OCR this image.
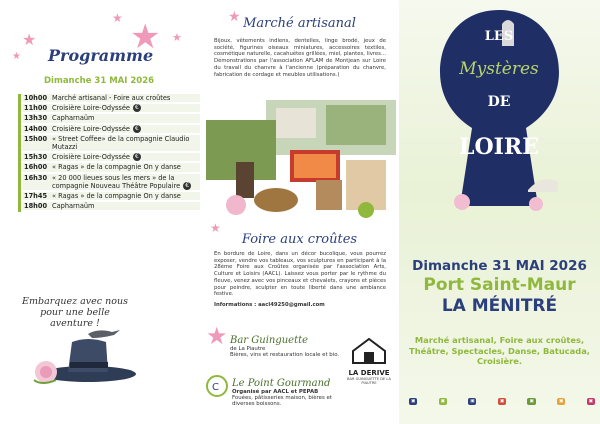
★
★	★
★
★
Programme
Dimanche 31 MAI 2026
10h00 Marché artisanal - Foire aux croûtes
11h00 Croisière Loire-Odyssée €
13h30 Capharnaüm
14h00 Croisière Loire-Odyssée €
15h00 « Street Coffee» de la compagnie Claudio Mutazzi
15h30 Croisière Loire-Odyssée €
16h00 « Ragas » de la compagnie On y danse
16h30 « 20 000 lieues sous les mers » de la compagnie Nouveau Théâtre Populaire €
17h45 « Ragas » de la compagnie On y danse
18h00 Capharnaüm
Embarquez avec nous
pour une belle aventure !
★ Marché artisanal
Bijoux, vêtements indiens, dentelles, linge brodé, jeux de société, figurines oiseaux miniatures, accessoires textiles, cosmétique naturelle, cacahuètes grillées, miel, plantes, livres... Démonstrations par l'association AFLAM de Montjean sur Loire du travail du chanvre à l'ancienne (préparation du chanvre, fabrication de cordage et meubles utilisations.)
★
Foire aux croûtes
En bordure de Loire, dans un décor bucolique, vous pourrez exposer, vendre vos tableaux, vos sculptures en participant à la 28ème Foire aux Croûtes organisée par l'association Arts, Culture et Loisirs (AACL). Laissez vous porter par le rythme du fleuve, venez avec vos pinceaux et chevalets, crayons et pièces pour peindre, sculpter en toute liberté dans une ambiance festive.
Informations : aacl49250@gmail.com
★ Bar Guinguette
de La Piautre
Bières, vins et restauration locale et bio.
LA DERIVE
BAR GUINGUETTE DE LA PIAUTRE
C Le Point Gourmand
Organisé par AACL et PEPAB
Fouées, pâtisseries maison, bières et diverses boissons.
LES
Mystères
DE
LOIRE
Dimanche 31 MAI 2026
Port Saint-Maur
LA MÉNITRÉ
Marché artisanal, Foire aux croûtes, Théâtre, Spectacles, Danse, Batucada, Croisière.
▣	▣	▣	▣	▣	▣	▣
